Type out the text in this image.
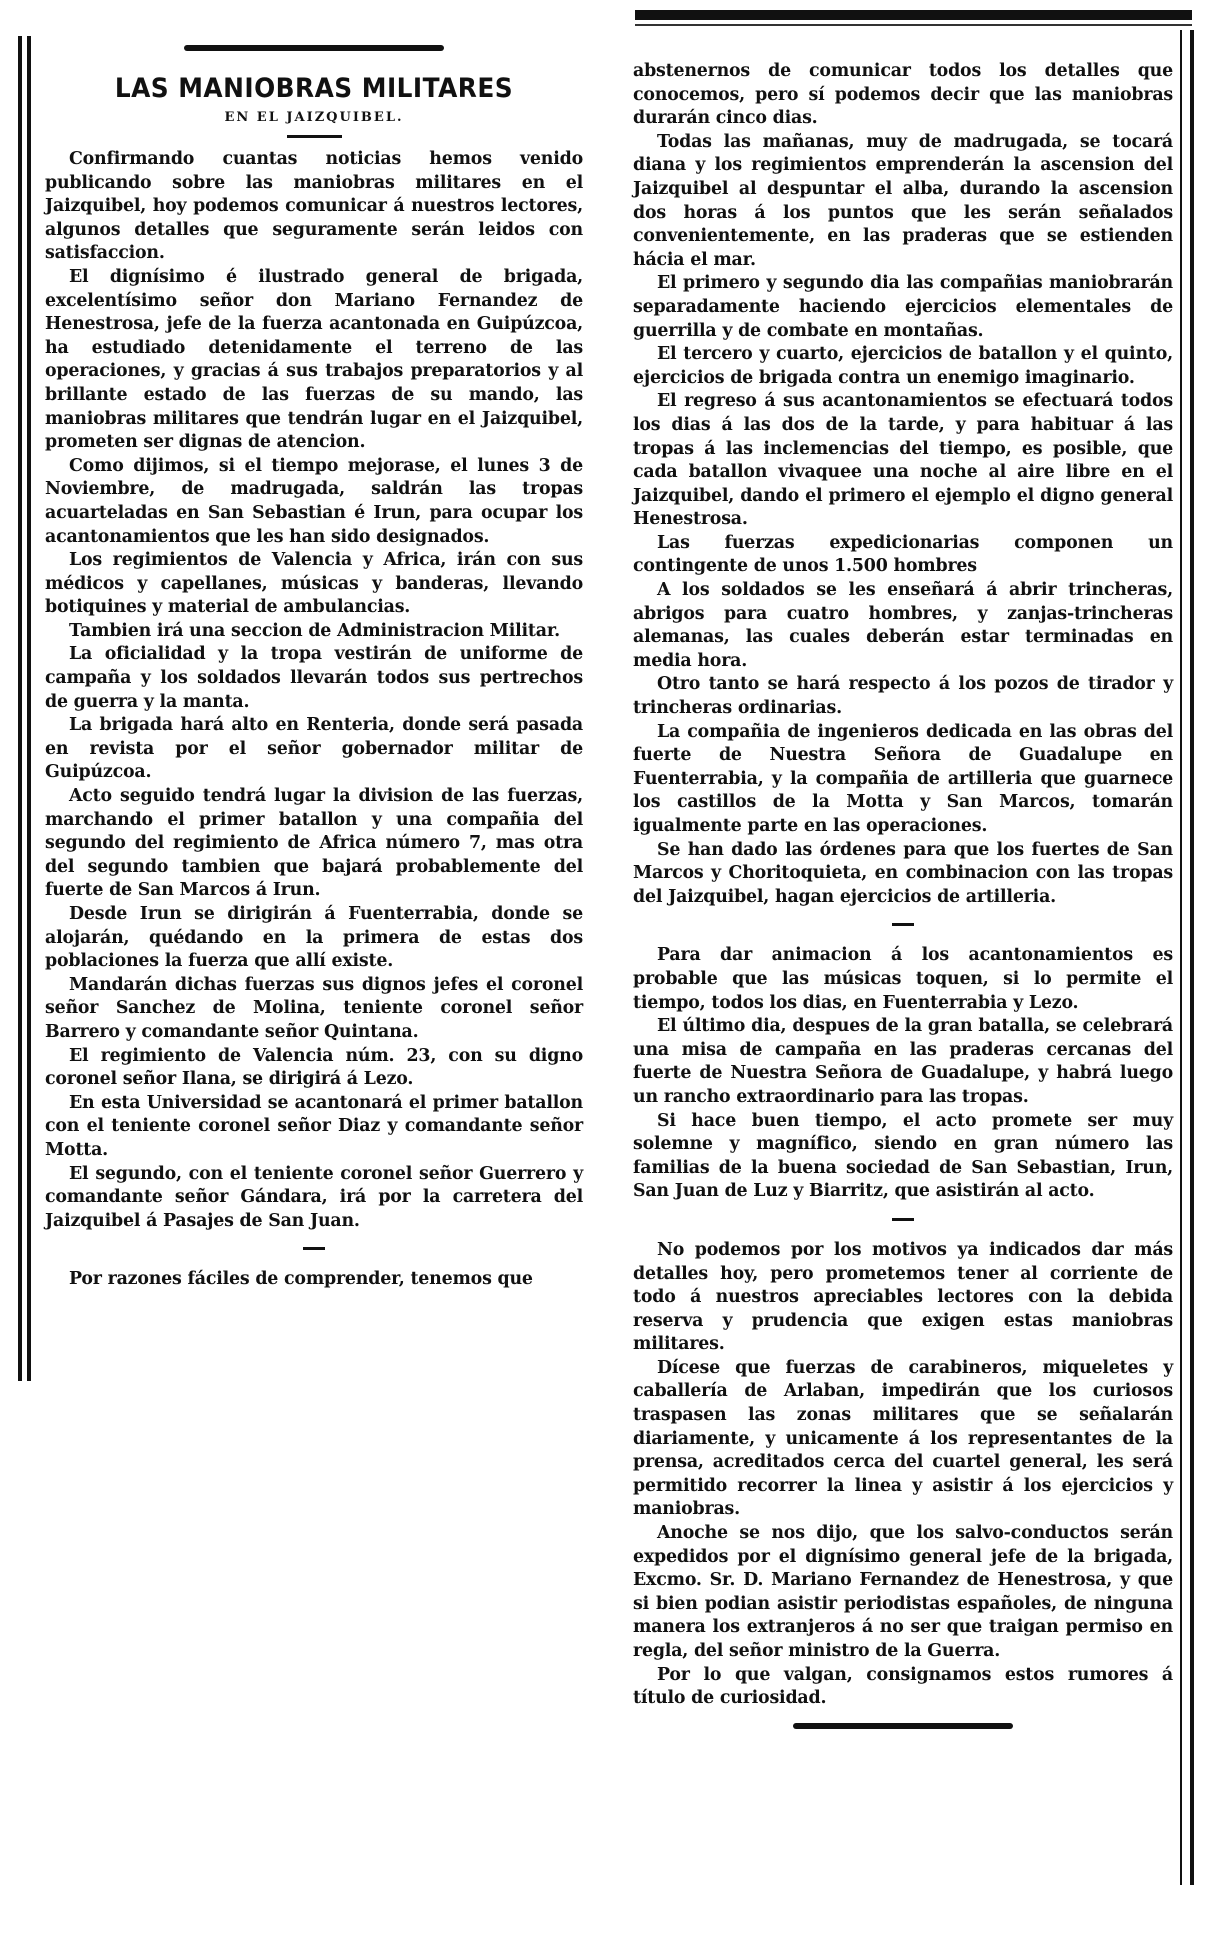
LAS MANIOBRAS MILITARES
EN EL JAIZQUIBEL.

Confirmando cuantas noticias hemos venido publicando sobre las maniobras militares en el Jaizquibel, hoy podemos comunicar á nuestros lectores, algunos detalles que seguramente serán leidos con satisfaccion.

El dignísimo é ilustrado general de brigada, excelentísimo señor don Mariano Fernandez de Henestrosa, jefe de la fuerza acantonada en Guipúzcoa, ha estudiado detenidamente el terreno de las operaciones, y gracias á sus trabajos preparatorios y al brillante estado de las fuerzas de su mando, las maniobras militares que tendrán lugar en el Jaizquibel, prometen ser dignas de atencion.

Como dijimos, si el tiempo mejorase, el lunes 3 de Noviembre, de madrugada, saldrán las tropas acuarteladas en San Sebastian é Irun, para ocupar los acantonamientos que les han sido designados.

Los regimientos de Valencia y Africa, irán con sus médicos y capellanes, músicas y banderas, llevando botiquines y material de ambulancias.

Tambien irá una seccion de Administracion Militar.

La oficialidad y la tropa vestirán de uniforme de campaña y los soldados llevarán todos sus pertrechos de guerra y la manta.

La brigada hará alto en Renteria, donde será pasada en revista por el señor gobernador militar de Guipúzcoa.

Acto seguido tendrá lugar la division de las fuerzas, marchando el primer batallon y una compañia del segundo del regimiento de Africa número 7, mas otra del segundo tambien que bajará probablemente del fuerte de San Marcos á Irun.

Desde Irun se dirigirán á Fuenterrabia, donde se alojarán, quédando en la primera de estas dos poblaciones la fuerza que allí existe.

Mandarán dichas fuerzas sus dignos jefes el coronel señor Sanchez de Molina, teniente coronel señor Barrero y comandante señor Quintana.

El regimiento de Valencia núm. 23, con su digno coronel señor Ilana, se dirigirá á Lezo.

En esta Universidad se acantonará el primer batallon con el teniente coronel señor Diaz y comandante señor Motta.

El segundo, con el teniente coronel señor Guerrero y comandante señor Gándara, irá por la carretera del Jaizquibel á Pasajes de San Juan.

Por razones fáciles de comprender, tenemos que

abstenernos de comunicar todos los detalles que conocemos, pero sí podemos decir que las maniobras durarán cinco dias.

Todas las mañanas, muy de madrugada, se tocará diana y los regimientos emprenderán la ascension del Jaizquibel al despuntar el alba, durando la ascension dos horas á los puntos que les serán señalados convenientemente, en las praderas que se estienden hácia el mar.

El primero y segundo dia las compañias maniobrarán separadamente haciendo ejercicios elementales de guerrilla y de combate en montañas.

El tercero y cuarto, ejercicios de batallon y el quinto, ejercicios de brigada contra un enemigo imaginario.

El regreso á sus acantonamientos se efectuará todos los dias á las dos de la tarde, y para habituar á las tropas á las inclemencias del tiempo, es posible, que cada batallon vivaquee una noche al aire libre en el Jaizquibel, dando el primero el ejemplo el digno general Henestrosa.

Las fuerzas expedicionarias componen un contingente de unos 1.500 hombres

A los soldados se les enseñará á abrir trincheras, abrigos para cuatro hombres, y zanjas-trincheras alemanas, las cuales deberán estar terminadas en media hora.

Otro tanto se hará respecto á los pozos de tirador y trincheras ordinarias.

La compañia de ingenieros dedicada en las obras del fuerte de Nuestra Señora de Guadalupe en Fuenterrabia, y la compañia de artilleria que guarnece los castillos de la Motta y San Marcos, tomarán igualmente parte en las operaciones.

Se han dado las órdenes para que los fuertes de San Marcos y Choritoquieta, en combinacion con las tropas del Jaizquibel, hagan ejercicios de artilleria.

Para dar animacion á los acantonamientos es probable que las músicas toquen, si lo permite el tiempo, todos los dias, en Fuenterrabia y Lezo.

El último dia, despues de la gran batalla, se celebrará una misa de campaña en las praderas cercanas del fuerte de Nuestra Señora de Guadalupe, y habrá luego un rancho extraordinario para las tropas.

Si hace buen tiempo, el acto promete ser muy solemne y magnífico, siendo en gran número las familias de la buena sociedad de San Sebastian, Irun, San Juan de Luz y Biarritz, que asistirán al acto.

No podemos por los motivos ya indicados dar más detalles hoy, pero prometemos tener al corriente de todo á nuestros apreciables lectores con la debida reserva y prudencia que exigen estas maniobras militares.

Dícese que fuerzas de carabineros, miqueletes y caballería de Arlaban, impedirán que los curiosos traspasen las zonas militares que se señalarán diariamente, y unicamente á los representantes de la prensa, acreditados cerca del cuartel general, les será permitido recorrer la linea y asistir á los ejercicios y maniobras.

Anoche se nos dijo, que los salvo-conductos serán expedidos por el dignísimo general jefe de la brigada, Excmo. Sr. D. Mariano Fernandez de Henestrosa, y que si bien podian asistir periodistas españoles, de ninguna manera los extranjeros á no ser que traigan permiso en regla, del señor ministro de la Guerra.

Por lo que valgan, consignamos estos rumores á título de curiosidad.
